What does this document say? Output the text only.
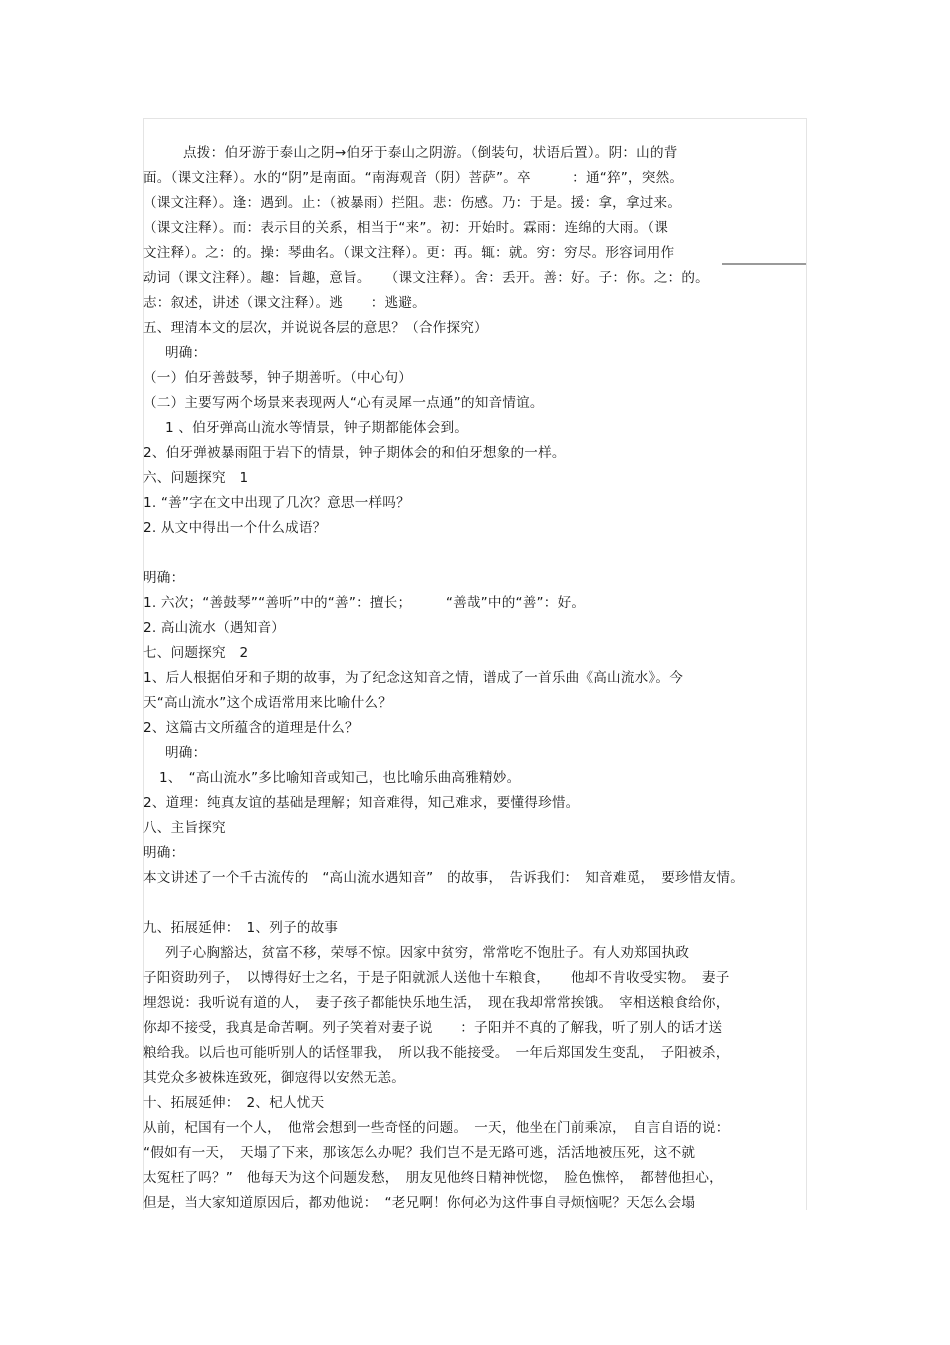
点拨：伯牙游于泰山之阴→伯牙于泰山之阴游。（倒装句，状语后置）。阴：山的背
面。（课文注释）。水的“阴”是南面。“南海观音（阴）菩萨”。卒　　　：通“猝”，突然。
（课文注释）。逢：遇到。止：（被暴雨）拦阻。悲：伤感。乃：于是。援：拿，拿过来。
（课文注释）。而：表示目的关系，相当于“来”。初：开始时。霖雨：连绵的大雨。（课
文注释）。之：的。操：琴曲名。（课文注释）。更：再。辄：就。穷：穷尽。形容词用作
动词（课文注释）。趣：旨趣，意旨。　　（课文注释）。舍：丢开。善：好。子：你。之：的。
志：叙述，讲述（课文注释）。逃　　：逃避。
五、理清本文的层次，并说说各层的意思？（合作探究）
明确：
（一）伯牙善鼓琴，钟子期善听。（中心句）
（二）主要写两个场景来表现两人“心有灵犀一点通”的知音情谊。
1 、伯牙弹高山流水等情景，钟子期都能体会到。
2、伯牙弹被暴雨阻于岩下的情景，钟子期体会的和伯牙想象的一样。
六、问题探究　1
1. “善”字在文中出现了几次？意思一样吗？
2. 从文中得出一个什么成语？
明确：
1. 六次；“善鼓琴”“善听”中的“善”：擅长；　　　“善哉”中的“善”：好。
2. 高山流水（遇知音）
七、问题探究　2
1、后人根据伯牙和子期的故事，为了纪念这知音之情，谱成了一首乐曲《高山流水》。今
天“高山流水”这个成语常用来比喻什么？
2、这篇古文所蕴含的道理是什么？
明确：
1、　“高山流水”多比喻知音或知己，也比喻乐曲高雅精妙。
2、道理：纯真友谊的基础是理解；知音难得，知己难求，要懂得珍惜。
八、主旨探究
明确：
本文讲述了一个千古流传的　“高山流水遇知音”　的故事，　告诉我们：　知音难觅，　要珍惜友情。
九、拓展延伸：　1、列子的故事
列子心胸豁达，贫富不移，荣辱不惊。因家中贫穷，常常吃不饱肚子。有人劝郑国执政
子阳资助列子，　以博得好士之名，于是子阳就派人送他十车粮食，　　他却不肯收受实物。　妻子
埋怨说：我听说有道的人，　妻子孩子都能快乐地生活，　现在我却常常挨饿。　宰相送粮食给你，
你却不接受，我真是命苦啊。列子笑着对妻子说　　：子阳并不真的了解我，听了别人的话才送
粮给我。以后也可能听别人的话怪罪我，　所以我不能接受。　一年后郑国发生变乱，　子阳被杀，
其党众多被株连致死，御寇得以安然无恙。
十、拓展延伸：　2、杞人忧天
从前，杞国有一个人，　他常会想到一些奇怪的问题。　一天，他坐在门前乘凉，　自言自语的说：
“假如有一天，　天塌了下来，那该怎么办呢？我们岂不是无路可逃，活活地被压死，这不就
太冤枉了吗？”　他每天为这个问题发愁，　朋友见他终日精神恍惚，　脸色憔悴，　都替他担心，
但是，当大家知道原因后，都劝他说：　“老兄啊！你何必为这件事自寻烦恼呢？天怎么会塌
